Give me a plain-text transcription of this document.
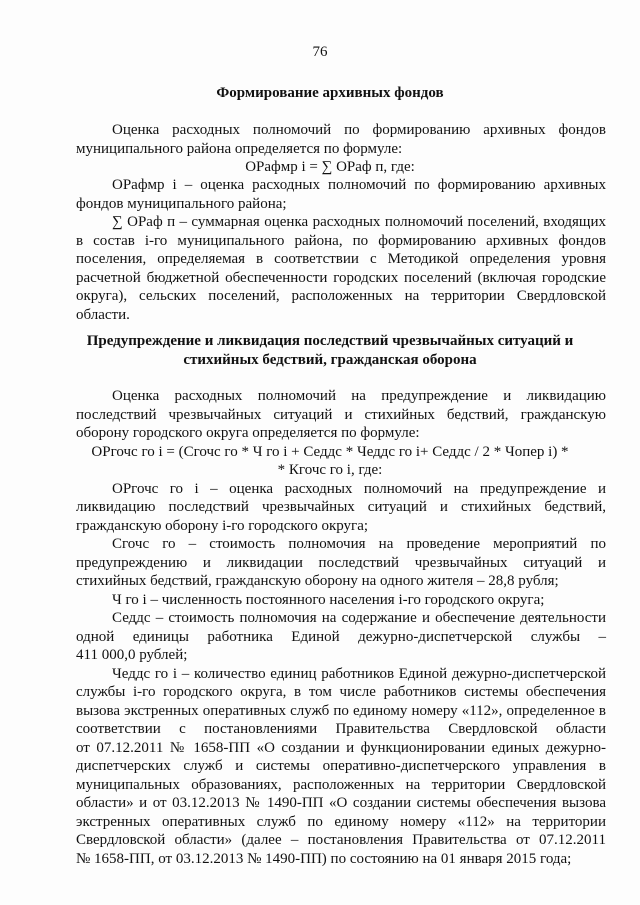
76
Формирование архивных фондов
Оценка расходных полномочий по формированию архивных фондов
муниципального района определяется по формуле:
ОРафмр i = ∑ ОРаф п, где:
ОРафмр i – оценка расходных полномочий по формированию архивных
фондов муниципального района;
∑ ОРаф п – суммарная оценка расходных полномочий поселений, входящих
в состав i-го муниципального района, по формированию архивных фондов
поселения, определяемая в соответствии с Методикой определения уровня
расчетной бюджетной обеспеченности городских поселений (включая городские
округа), сельских поселений, расположенных на территории Свердловской
области.
Предупреждение и ликвидация последствий чрезвычайных ситуаций и
стихийных бедствий, гражданская оборона
Оценка расходных полномочий на предупреждение и ликвидацию
последствий чрезвычайных ситуаций и стихийных бедствий, гражданскую
оборону городского округа определяется по формуле:
ОРгочс го i = (Сгочс го * Ч го i + Седдс * Чеддс го i+ Седдс / 2 * Чопер i) *
* Кгочс го i, где:
ОРгочс го i – оценка расходных полномочий на предупреждение и
ликвидацию последствий чрезвычайных ситуаций и стихийных бедствий,
гражданскую оборону i-го городского округа;
Сгочс го – стоимость полномочия на проведение мероприятий по
предупреждению и ликвидации последствий чрезвычайных ситуаций и
стихийных бедствий, гражданскую оборону на одного жителя – 28,8 рубля;
Ч го i – численность постоянного населения i-го городского округа;
Седдс – стоимость полномочия на содержание и обеспечение деятельности
одной единицы работника Единой дежурно-диспетчерской службы –
411 000,0 рублей;
Чеддс го i – количество единиц работников Единой дежурно-диспетчерской
службы i-го городского округа, в том числе работников системы обеспечения
вызова экстренных оперативных служб по единому номеру «112», определенное в
соответствии с постановлениями Правительства Свердловской области
от 07.12.2011 № 1658-ПП «О создании и функционировании единых дежурно-
диспетчерских служб и системы оперативно-диспетчерского управления в
муниципальных образованиях, расположенных на территории Свердловской
области» и от 03.12.2013 № 1490-ПП «О создании системы обеспечения вызова
экстренных оперативных служб по единому номеру «112» на территории
Свердловской области» (далее – постановления Правительства от 07.12.2011
№ 1658-ПП, от 03.12.2013 № 1490-ПП) по состоянию на 01 января 2015 года;
